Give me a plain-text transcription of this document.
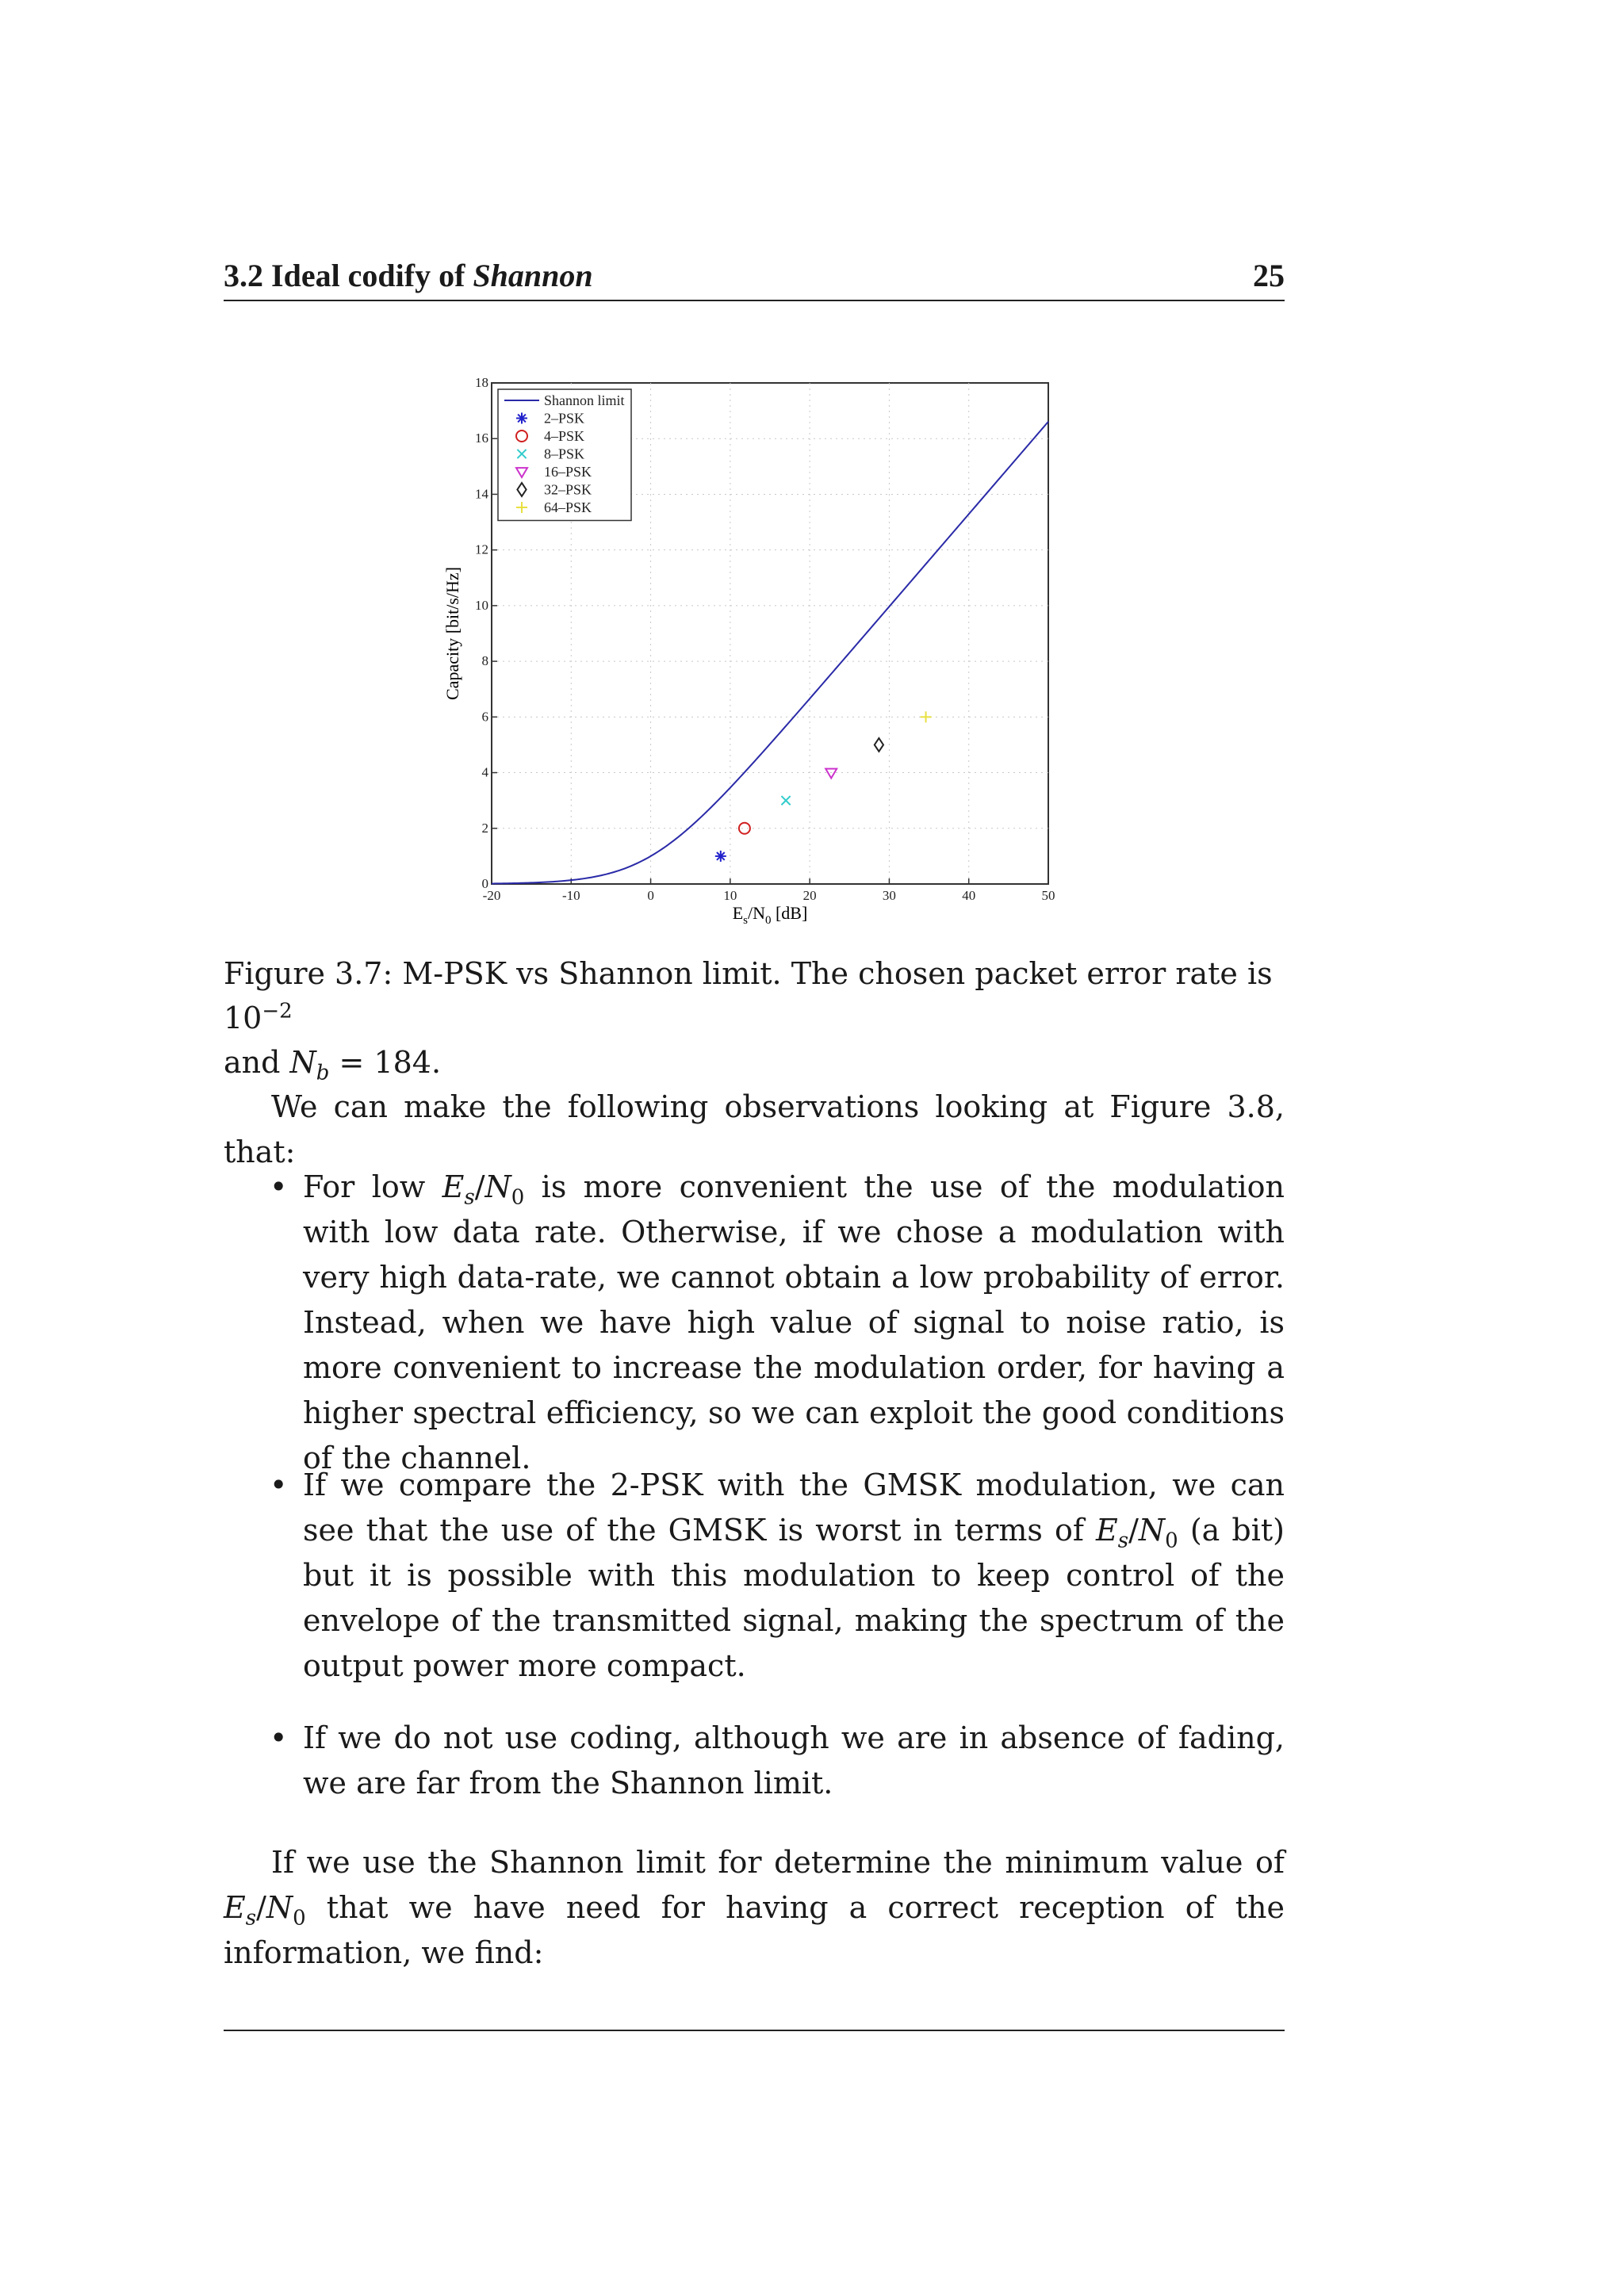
3.2 Ideal codify of Shannon	25
-20	-10	0	10	20	30	40	50
0
2
4
6
8
10
12
14
16
18
Shannon limit
2–PSK
4–PSK
8–PSK
16–PSK
32–PSK
64–PSK
$E_s/N_0$ [dB]
Capacity [bit/s/Hz]
Figure 3.7: M-PSK vs Shannon limit. The chosen packet error rate is $10^{-2}$
and $N_b = 184$.
We can make the following observations looking at Figure 3.8, that:
• For low $E_s/N_0$ is more convenient the use of the modulation with low data rate. Otherwise, if we chose a modulation with very high data-rate, we cannot obtain a low probability of error. Instead, when we have high value of signal to noise ratio, is more convenient to increase the modulation order, for having a higher spectral efficiency, so we can exploit the good conditions of the channel.
• If we compare the 2-PSK with the GMSK modulation, we can see that the use of the GMSK is worst in terms of $E_s/N_0$ (a bit) but it is possible with this modulation to keep control of the envelope of the transmitted signal, making the spectrum of the output power more compact.
• If we do not use coding, although we are in absence of fading, we are far from the Shannon limit.
If we use the Shannon limit for determine the minimum value of $E_s/N_0$ that we have need for having a correct reception of the information, we find:
